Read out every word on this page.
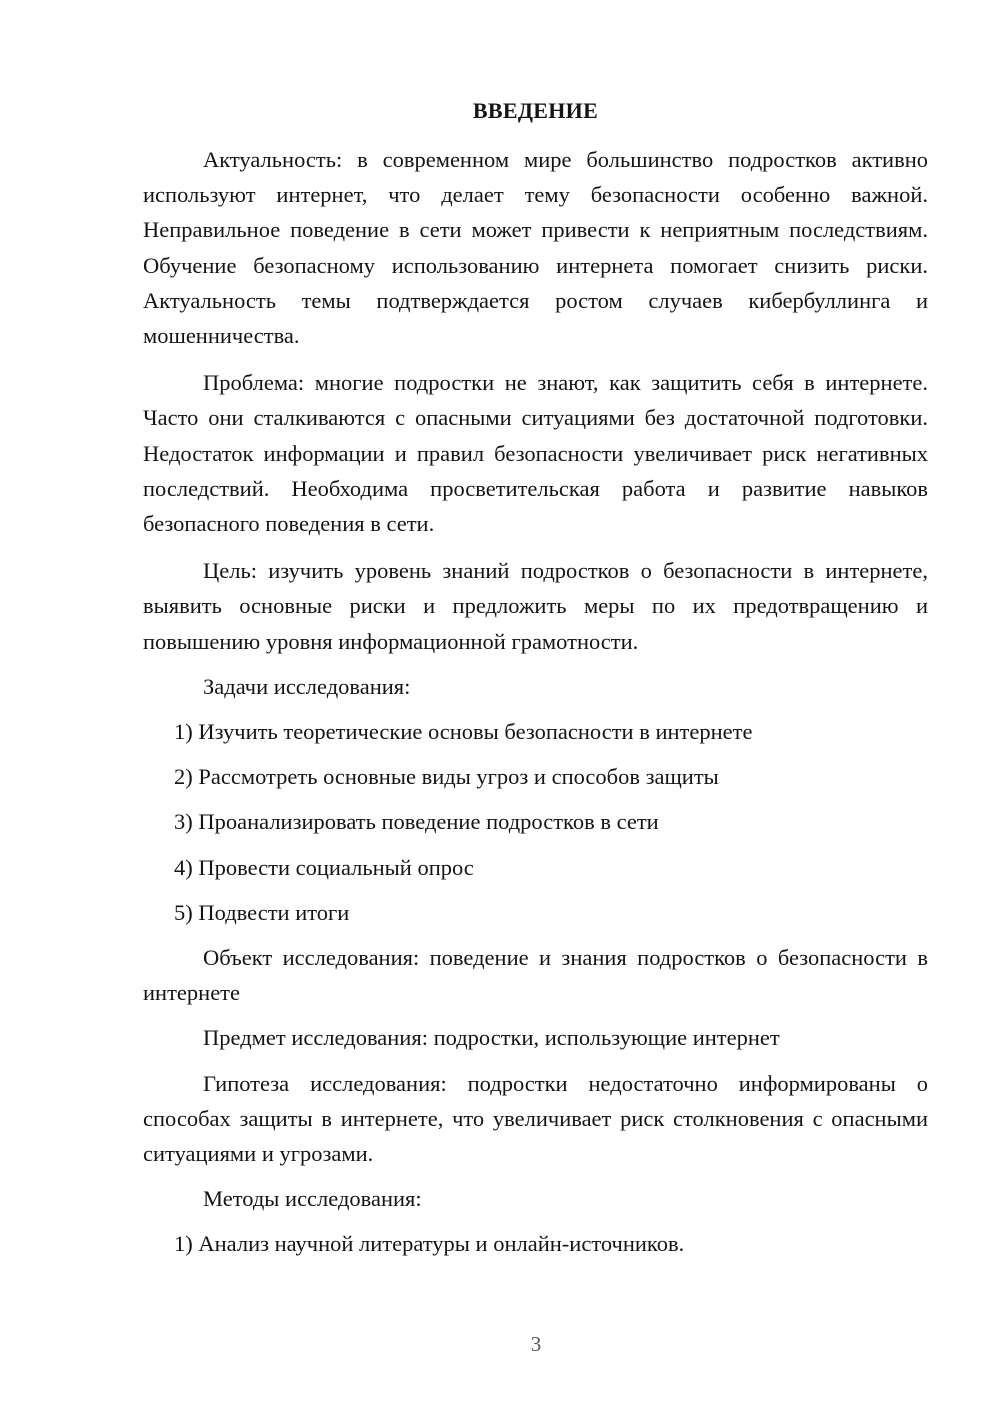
ВВЕДЕНИЕ

Актуальность: в современном мире большинство подростков активно используют интернет, что делает тему безопасности особенно важной. Неправильное поведение в сети может привести к неприятным последствиям. Обучение безопасному использованию интернета помогает снизить риски. Актуальность темы подтверждается ростом случаев кибербуллинга и мошенничества.

Проблема: многие подростки не знают, как защитить себя в интернете. Часто они сталкиваются с опасными ситуациями без достаточной подготовки. Недостаток информации и правил безопасности увеличивает риск негативных последствий. Необходима просветительская работа и развитие навыков безопасного поведения в сети.

Цель: изучить уровень знаний подростков о безопасности в интернете, выявить основные риски и предложить меры по их предотвращению и повышению уровня информационной грамотности.

Задачи исследования:

1) Изучить теоретические основы безопасности в интернете

2) Рассмотреть основные виды угроз и способов защиты

3) Проанализировать поведение подростков в сети

4) Провести социальный опрос

5) Подвести итоги

Объект исследования: поведение и знания подростков о безопасности в интернете

Предмет исследования: подростки, использующие интернет

Гипотеза исследования: подростки недостаточно информированы о способах защиты в интернете, что увеличивает риск столкновения с опасными ситуациями и угрозами.

Методы исследования:

1) Анализ научной литературы и онлайн-источников.

3
